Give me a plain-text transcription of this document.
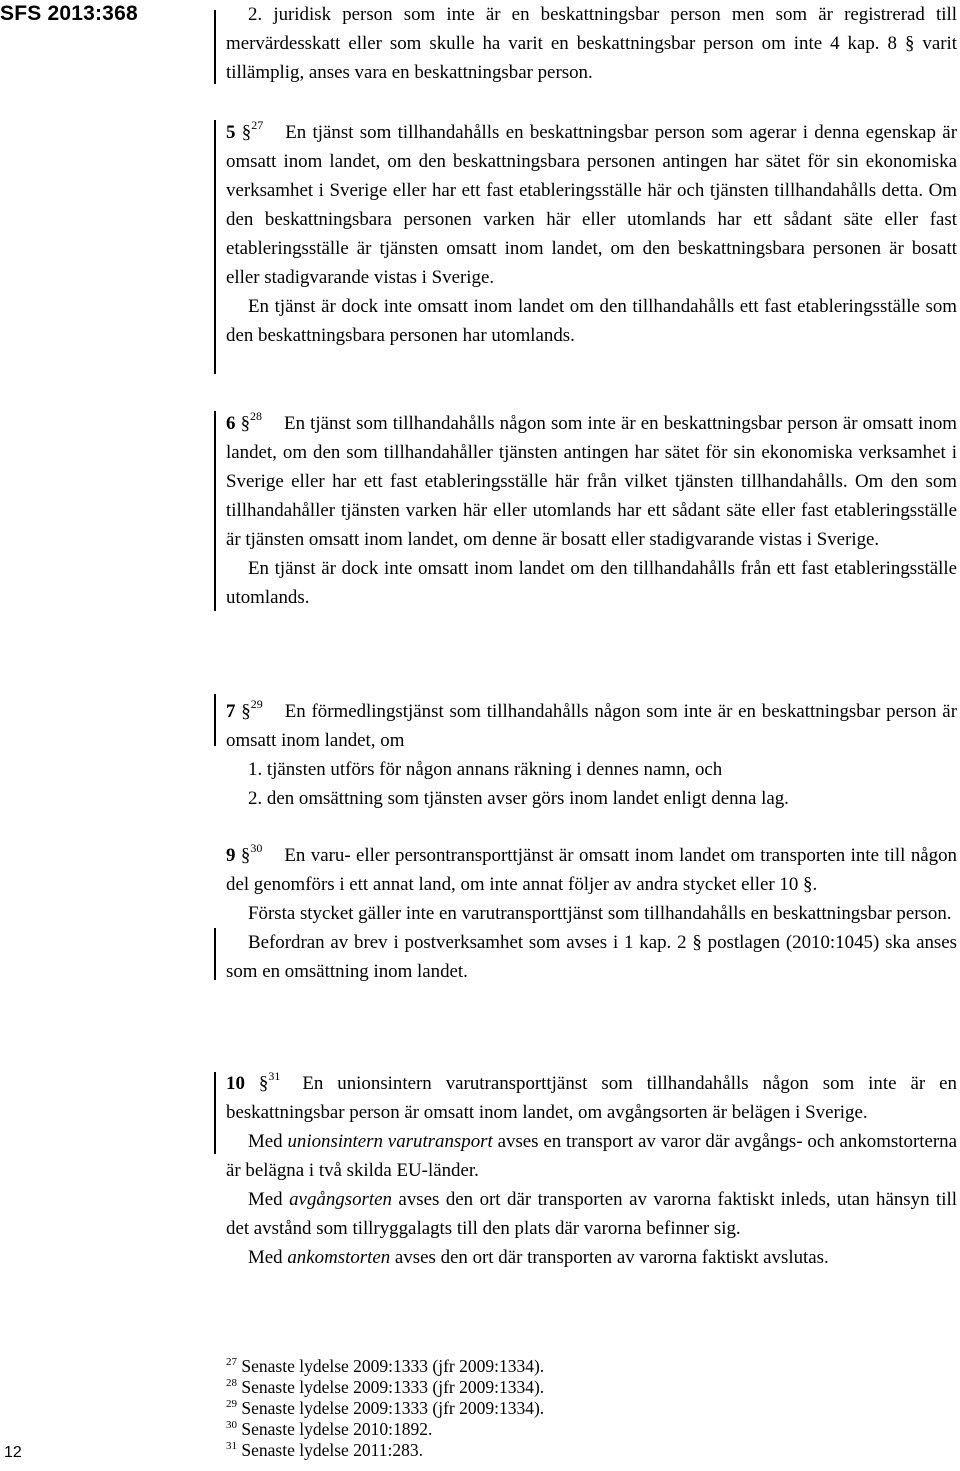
SFS 2013:368	2. juridisk person som inte är en beskattningsbar person men som är registrerad till mervärdesskatt eller som skulle ha varit en beskattningsbar person om inte 4 kap. 8 § varit tillämplig, anses vara en beskattningsbar person.

5 §$^{27}$ En tjänst som tillhandahålls en beskattningsbar person som agerar i denna egenskap är omsatt inom landet, om den beskattningsbara personen antingen har sätet för sin ekonomiska verksamhet i Sverige eller har ett fast etableringsställe här och tjänsten tillhandahålls detta. Om den beskattningsbara personen varken här eller utomlands har ett sådant säte eller fast etableringsställe är tjänsten omsatt inom landet, om den beskattningsbara personen är bosatt eller stadigvarande vistas i Sverige.

En tjänst är dock inte omsatt inom landet om den tillhandahålls ett fast etableringsställe som den beskattningsbara personen har utomlands.

6 §$^{28}$ En tjänst som tillhandahålls någon som inte är en beskattningsbar person är omsatt inom landet, om den som tillhandahåller tjänsten antingen har sätet för sin ekonomiska verksamhet i Sverige eller har ett fast etableringsställe här från vilket tjänsten tillhandahålls. Om den som tillhandahåller tjänsten varken här eller utomlands har ett sådant säte eller fast etableringsställe är tjänsten omsatt inom landet, om denne är bosatt eller stadigvarande vistas i Sverige.

En tjänst är dock inte omsatt inom landet om den tillhandahålls från ett fast etableringsställe utomlands.

7 §$^{29}$ En förmedlingstjänst som tillhandahålls någon som inte är en beskattningsbar person är omsatt inom landet, om

1. tjänsten utförs för någon annans räkning i dennes namn, och

2. den omsättning som tjänsten avser görs inom landet enligt denna lag.

9 §$^{30}$ En varu- eller persontransporttjänst är omsatt inom landet om transporten inte till någon del genomförs i ett annat land, om inte annat följer av andra stycket eller 10 §.

Första stycket gäller inte en varutransporttjänst som tillhandahålls en beskattningsbar person.

Befordran av brev i postverksamhet som avses i 1 kap. 2 § postlagen (2010:1045) ska anses som en omsättning inom landet.

10 §$^{31}$ En unionsintern varutransporttjänst som tillhandahålls någon som inte är en beskattningsbar person är omsatt inom landet, om avgångsorten är belägen i Sverige.

Med unionsintern varutransport avses en transport av varor där avgångs- och ankomstorterna är belägna i två skilda EU-länder.

Med avgångsorten avses den ort där transporten av varorna faktiskt inleds, utan hänsyn till det avstånd som tillryggalagts till den plats där varorna befinner sig.

Med ankomstorten avses den ort där transporten av varorna faktiskt avslutas.

$^{27}$ Senaste lydelse 2009:1333 (jfr 2009:1334).
$^{28}$ Senaste lydelse 2009:1333 (jfr 2009:1334).
$^{29}$ Senaste lydelse 2009:1333 (jfr 2009:1334).
$^{30}$ Senaste lydelse 2010:1892.
$^{31}$ Senaste lydelse 2011:283.
12
